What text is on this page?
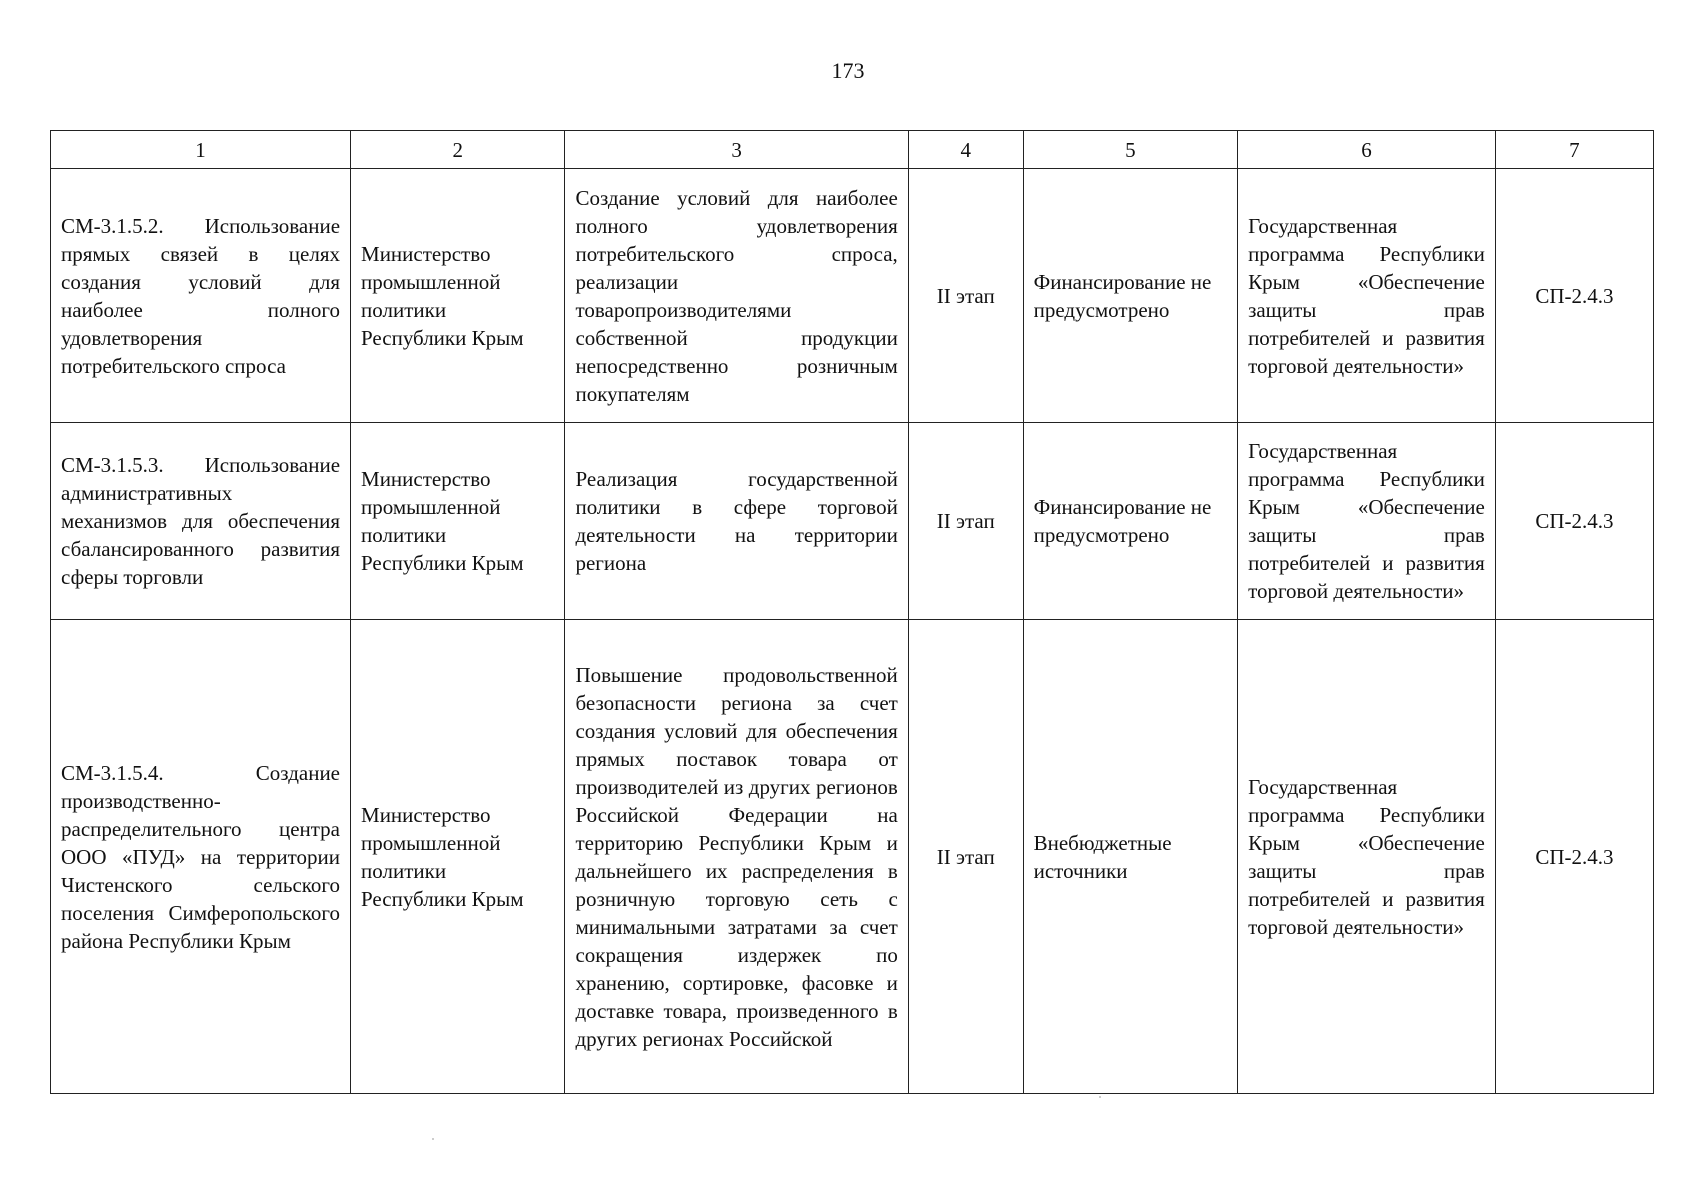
173
1	2	3	4	5	6	7
СМ-3.1.5.2. Использование прямых связей в целях создания условий для наиболее полного удовлетворения потребительского спроса	Министерство промышленной политики Республики Крым	Создание условий для наиболее полного удовлетворения потребительского спроса, реализации товаропроизводителями собственной продукции непосредственно розничным покупателям	II этап	Финансирование не предусмотрено	Государственная программа Республики Крым «Обеспечение защиты прав потребителей и развития торговой деятельности»	СП-2.4.3
СМ-3.1.5.3. Использование административных механизмов для обеспечения сбалансированного развития сферы торговли	Министерство промышленной политики Республики Крым	Реализация государственной политики в сфере торговой деятельности на территории региона	II этап	Финансирование не предусмотрено	Государственная программа Республики Крым «Обеспечение защиты прав потребителей и развития торговой деятельности»	СП-2.4.3
СМ-3.1.5.4. Создание производственно-распределительного центра ООО «ПУД» на территории Чистенского сельского поселения Симферопольского района Республики Крым	Министерство промышленной политики Республики Крым	Повышение продовольственной безопасности региона за счет создания условий для обеспечения прямых поставок товара от производителей из других регионов Российской Федерации на территорию Республики Крым и дальнейшего их распределения в розничную торговую сеть с минимальными затратами за счет сокращения издержек по хранению, сортировке, фасовке и доставке товара, произведенного в других регионах Российской	II этап	Внебюджетные источники	Государственная программа Республики Крым «Обеспечение защиты прав потребителей и развития торговой деятельности»	СП-2.4.3
